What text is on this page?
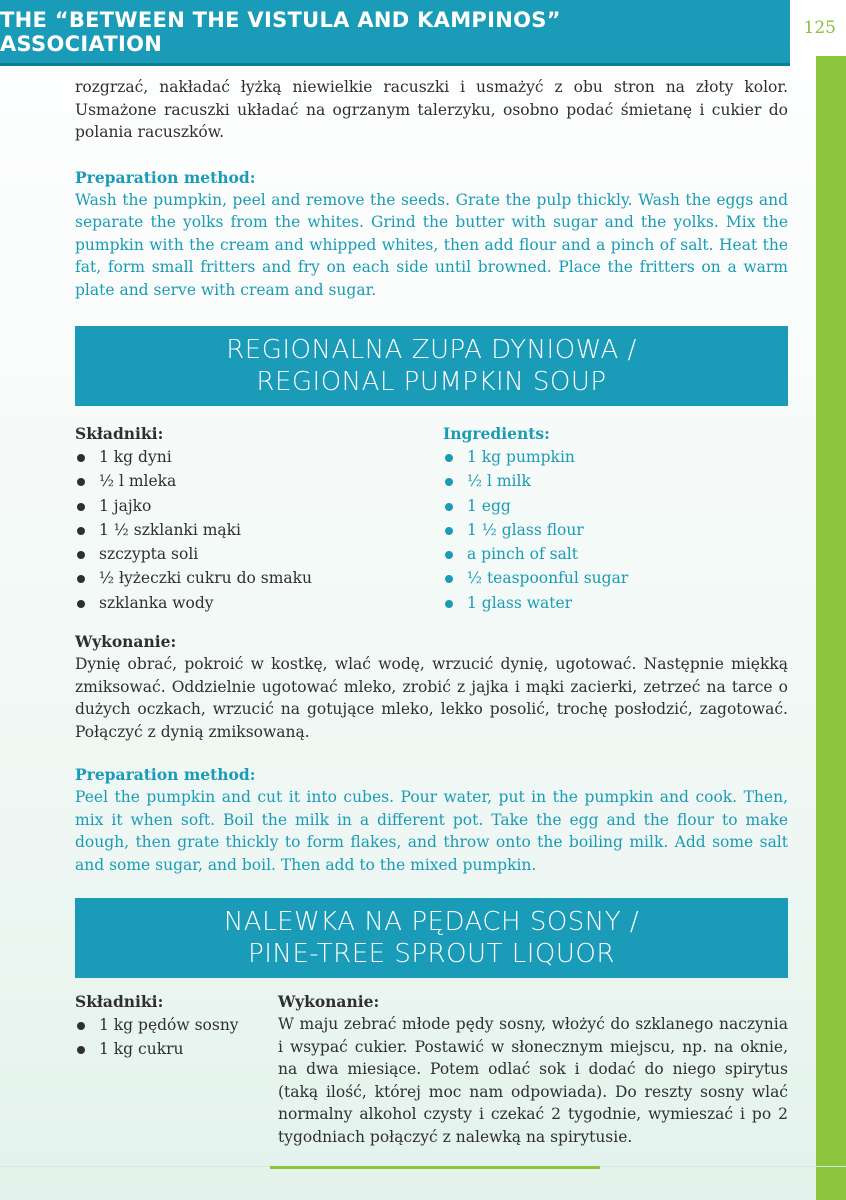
THE “BETWEEN THE VISTULA AND KAMPINOS” ASSOCIATION
125

rozgrzać, nakładać łyżką niewielkie racuszki i usmażyć z obu stron na złoty kolor. Usmażone racuszki układać na ogrzanym talerzyku, osobno podać śmietanę i cukier do polania racuszków.

Preparation method:

Wash the pumpkin, peel and remove the seeds. Grate the pulp thickly. Wash the eggs and separate the yolks from the whites. Grind the butter with sugar and the yolks. Mix the pumpkin with the cream and whipped whites, then add flour and a pinch of salt. Heat the fat, form small fritters and fry on each side until browned. Place the fritters on a warm plate and serve with cream and sugar.

REGIONALNA ZUPA DYNIOWA /
REGIONAL PUMPKIN SOUP
Składniki:
1 kg dyni
½ l mleka
1 jajko
1 ½ szklanki mąki
szczypta soli
½ łyżeczki cukru do smaku
szklanka wody
Ingredients:
1 kg pumpkin
½ l milk
1 egg
1 ½ glass flour
a pinch of salt
½ teaspoonful sugar
1 glass water
Wykonanie:

Dynię obrać, pokroić w kostkę, wlać wodę, wrzucić dynię, ugotować. Następnie miękką zmiksować. Oddzielnie ugotować mleko, zrobić z jajka i mąki zacierki, zetrzeć na tarce o dużych oczkach, wrzucić na gotujące mleko, lekko posolić, trochę posłodzić, zagotować. Połączyć z dynią zmiksowaną.

Preparation method:

Peel the pumpkin and cut it into cubes. Pour water, put in the pumpkin and cook. Then, mix it when soft. Boil the milk in a different pot. Take the egg and the flour to make dough, then grate thickly to form flakes, and throw onto the boiling milk. Add some salt and some sugar, and boil. Then add to the mixed pumpkin.

NALEWKA NA PĘDACH SOSNY /
PINE-TREE SPROUT LIQUOR
Składniki:
1 kg pędów sosny
1 kg cukru
Wykonanie:

W maju zebrać młode pędy sosny, włożyć do szklanego naczynia i wsypać cukier. Postawić w słonecznym miejscu, np. na oknie, na dwa miesiące. Potem odlać sok i dodać do niego spirytus (taką ilość, której moc nam odpowiada). Do reszty sosny wlać normalny alkohol czysty i czekać 2 tygodnie, wymieszać i po 2 tygodniach połączyć z nalewką na spirytusie.
